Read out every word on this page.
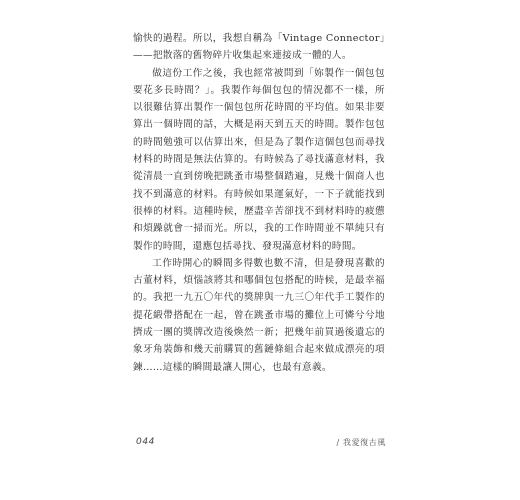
愉快的過程。所以，我想自稱為「Vintage Connector」——把散落的舊物碎片收集起來連接成一體的人。

做這份工作之後，我也經常被問到「妳製作一個包包要花多長時間？」。我製作每個包包的情況都不一樣，所以很難估算出製作一個包包所花時間的平均值。如果非要算出一個時間的話，大概是兩天到五天的時間。製作包包的時間勉強可以估算出來，但是為了製作這個包包而尋找材料的時間是無法估算的。有時候為了尋找滿意材料，我從清晨一直到傍晚把跳蚤市場整個踏遍，見幾十個商人也找不到滿意的材料。有時候如果運氣好，一下子就能找到很棒的材料。這種時候，歷盡辛苦卻找不到材料時的疲憊和煩躁就會一掃而光。所以，我的工作時間並不單純只有製作的時間，還應包括尋找、發現滿意材料的時間。

工作時開心的瞬間多得數也數不清，但是發現喜歡的古董材料，煩惱該將其和哪個包包搭配的時候，是最幸福的。我把一九五〇年代的獎牌與一九三〇年代手工製作的提花緞帶搭配在一起，曾在跳蚤市場的攤位上可憐兮兮地擠成一團的獎牌改造後煥然一新；把幾年前買過後遺忘的象牙角裝飾和幾天前購買的舊鏈條組合起來做成漂亮的項鍊……這樣的瞬間最讓人開心，也最有意義。

044	/ 我愛復古風
